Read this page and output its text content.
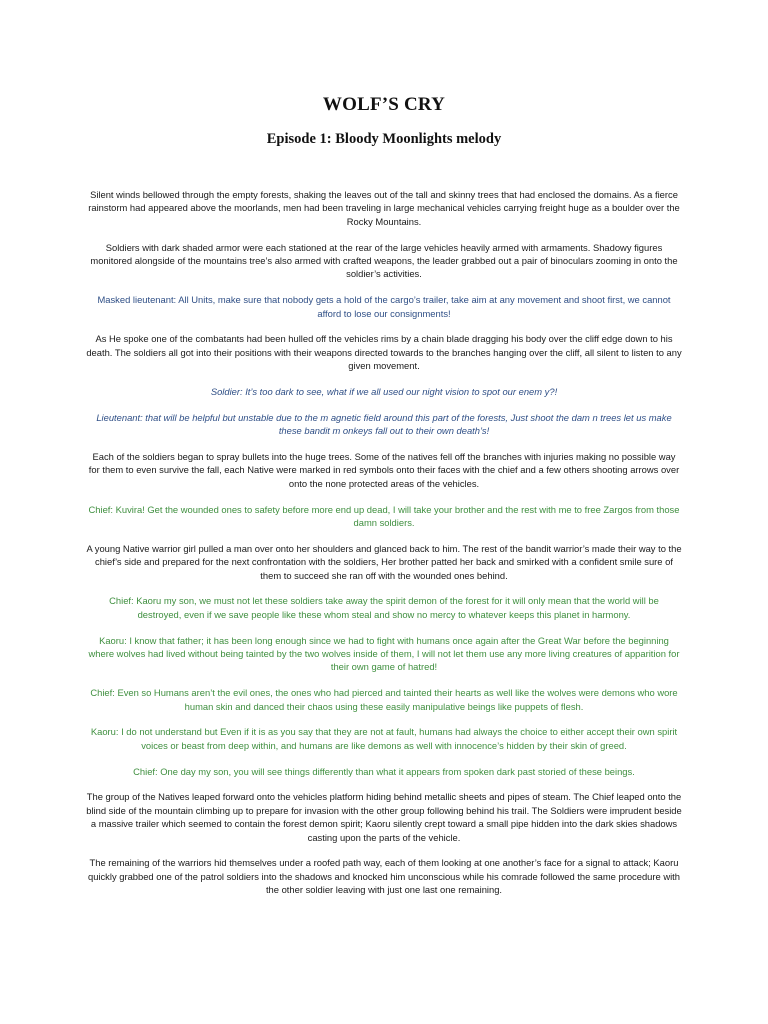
WOLF’S CRY
Episode 1: Bloody Moonlights melody

Silent winds bellowed through the empty forests, shaking the leaves out of the tall and skinny trees that had enclosed the domains. As a fierce rainstorm had appeared above the moorlands, men had been traveling in large mechanical vehicles carrying freight huge as a boulder over the Rocky Mountains.

Soldiers with dark shaded armor were each stationed at the rear of the large vehicles heavily armed with armaments. Shadowy figures monitored alongside of the mountains tree’s also armed with crafted weapons, the leader grabbed out a pair of binoculars zooming in onto the soldier’s activities.

Masked lieutenant: All Units, make sure that nobody gets a hold of the cargo’s trailer, take aim at any movement and shoot first, we cannot afford to lose our consignments!

As He spoke one of the combatants had been hulled off the vehicles rims by a chain blade dragging his body over the cliff edge down to his death. The soldiers all got into their positions with their weapons directed towards to the branches hanging over the cliff, all silent to listen to any given movement.

Soldier: It’s too dark to see, what if we all used our night vision to spot our enem y?!

Lieutenant: that will be helpful but unstable due to the m agnetic field around this part of the forests, Just shoot the dam n trees let us make these bandit m onkeys fall out to their own death’s!

Each of the soldiers began to spray bullets into the huge trees. Some of the natives fell off the branches with injuries making no possible way for them to even survive the fall, each Native were marked in red symbols onto their faces with the chief and a few others shooting arrows over onto the none protected areas of the vehicles.

Chief: Kuvira! Get the wounded ones to safety before more end up dead, I will take your brother and the rest with me to free Zargos from those damn soldiers.

A young Native warrior girl pulled a man over onto her shoulders and glanced back to him. The rest of the bandit warrior’s made their way to the chief’s side and prepared for the next confrontation with the soldiers, Her brother patted her back and smirked with a confident smile sure of them to succeed she ran off with the wounded ones behind.

Chief: Kaoru my son, we must not let these soldiers take away the spirit demon of the forest for it will only mean that the world will be destroyed, even if we save people like these whom steal and show no mercy to whatever keeps this planet in harmony.

Kaoru: I know that father; it has been long enough since we had to fight with humans once again after the Great War before the beginning where wolves had lived without being tainted by the two wolves inside of them, I will not let them use any more living creatures of apparition for their own game of hatred!

Chief: Even so Humans aren’t the evil ones, the ones who had pierced and tainted their hearts as well like the wolves were demons who wore human skin and danced their chaos using these easily manipulative beings like puppets of flesh.

Kaoru: I do not understand but Even if it is as you say that they are not at fault, humans had always the choice to either accept their own spirit voices or beast from deep within, and humans are like demons as well with innocence’s hidden by their skin of greed.

Chief: One day my son, you will see things differently than what it appears from spoken dark past storied of these beings.

The group of the Natives leaped forward onto the vehicles platform hiding behind metallic sheets and pipes of steam. The Chief leaped onto the blind side of the mountain climbing up to prepare for invasion with the other group following behind his trail. The Soldiers were imprudent beside a massive trailer which seemed to contain the forest demon spirit; Kaoru silently crept toward a small pipe hidden into the dark skies shadows casting upon the parts of the vehicle.

The remaining of the warriors hid themselves under a roofed path way, each of them looking at one another’s face for a signal to attack; Kaoru quickly grabbed one of the patrol soldiers into the shadows and knocked him unconscious while his comrade followed the same procedure with the other soldier leaving with just one last one remaining.
